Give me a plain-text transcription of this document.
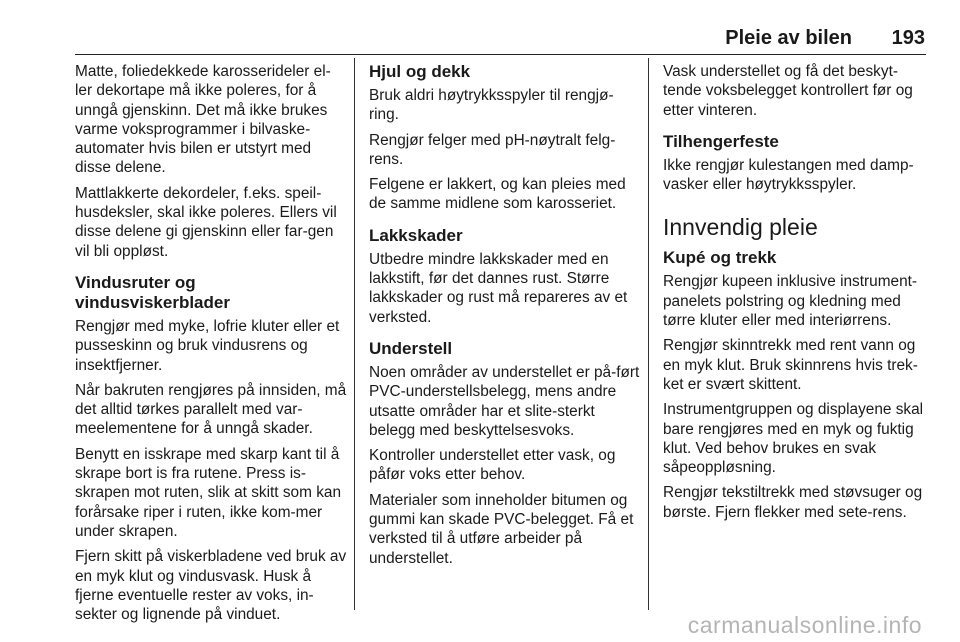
Pleie av bilen 193

Matte, foliedekkede karosserideler el-ler dekortape må ikke poleres, for å unngå gjenskinn. Det må ikke brukes varme voksprogrammer i bilvaske-automater hvis bilen er utstyrt med disse delene.

Mattlakkerte dekordeler, f.eks. speil-husdeksler, skal ikke poleres. Ellers vil disse delene gi gjenskinn eller far-gen vil bli oppløst.

Vindusruter og
vindusviskerblader

Rengjør med myke, lofrie kluter eller et pusseskinn og bruk vindusrens og insektfjerner.

Når bakruten rengjøres på innsiden, må det alltid tørkes parallelt med var-meelementene for å unngå skader.

Benytt en isskrape med skarp kant til å skrape bort is fra rutene. Press is-skrapen mot ruten, slik at skitt som kan forårsake riper i ruten, ikke kom-mer under skrapen.

Fjern skitt på viskerbladene ved bruk av en myk klut og vindusvask. Husk å fjerne eventuelle rester av voks, in-sekter og lignende på vinduet.

Hjul og dekk

Bruk aldri høytrykksspyler til rengjø-ring.

Rengjør felger med pH-nøytralt felg-rens.

Felgene er lakkert, og kan pleies med de samme midlene som karosseriet.

Lakkskader

Utbedre mindre lakkskader med en lakkstift, før det dannes rust. Større lakkskader og rust må repareres av et verksted.

Understell

Noen områder av understellet er på-ført PVC-understellsbelegg, mens andre utsatte områder har et slite-sterkt belegg med beskyttelsesvoks.

Kontroller understellet etter vask, og påfør voks etter behov.

Materialer som inneholder bitumen og gummi kan skade PVC-belegget. Få et verksted til å utføre arbeider på understellet.

Vask understellet og få det beskyt-tende voksbelegget kontrollert før og etter vinteren.

Tilhengerfeste

Ikke rengjør kulestangen med damp-vasker eller høytrykksspyler.

Innvendig pleie
Kupé og trekk

Rengjør kupeen inklusive instrument-panelets polstring og kledning med tørre kluter eller med interiørrens.

Rengjør skinntrekk med rent vann og en myk klut. Bruk skinnrens hvis trek-ket er svært skittent.

Instrumentgruppen og displayene skal bare rengjøres med en myk og fuktig klut. Ved behov brukes en svak såpeoppløsning.

Rengjør tekstiltrekk med støvsuger og børste. Fjern flekker med sete-rens.

carmanualsonline.info
